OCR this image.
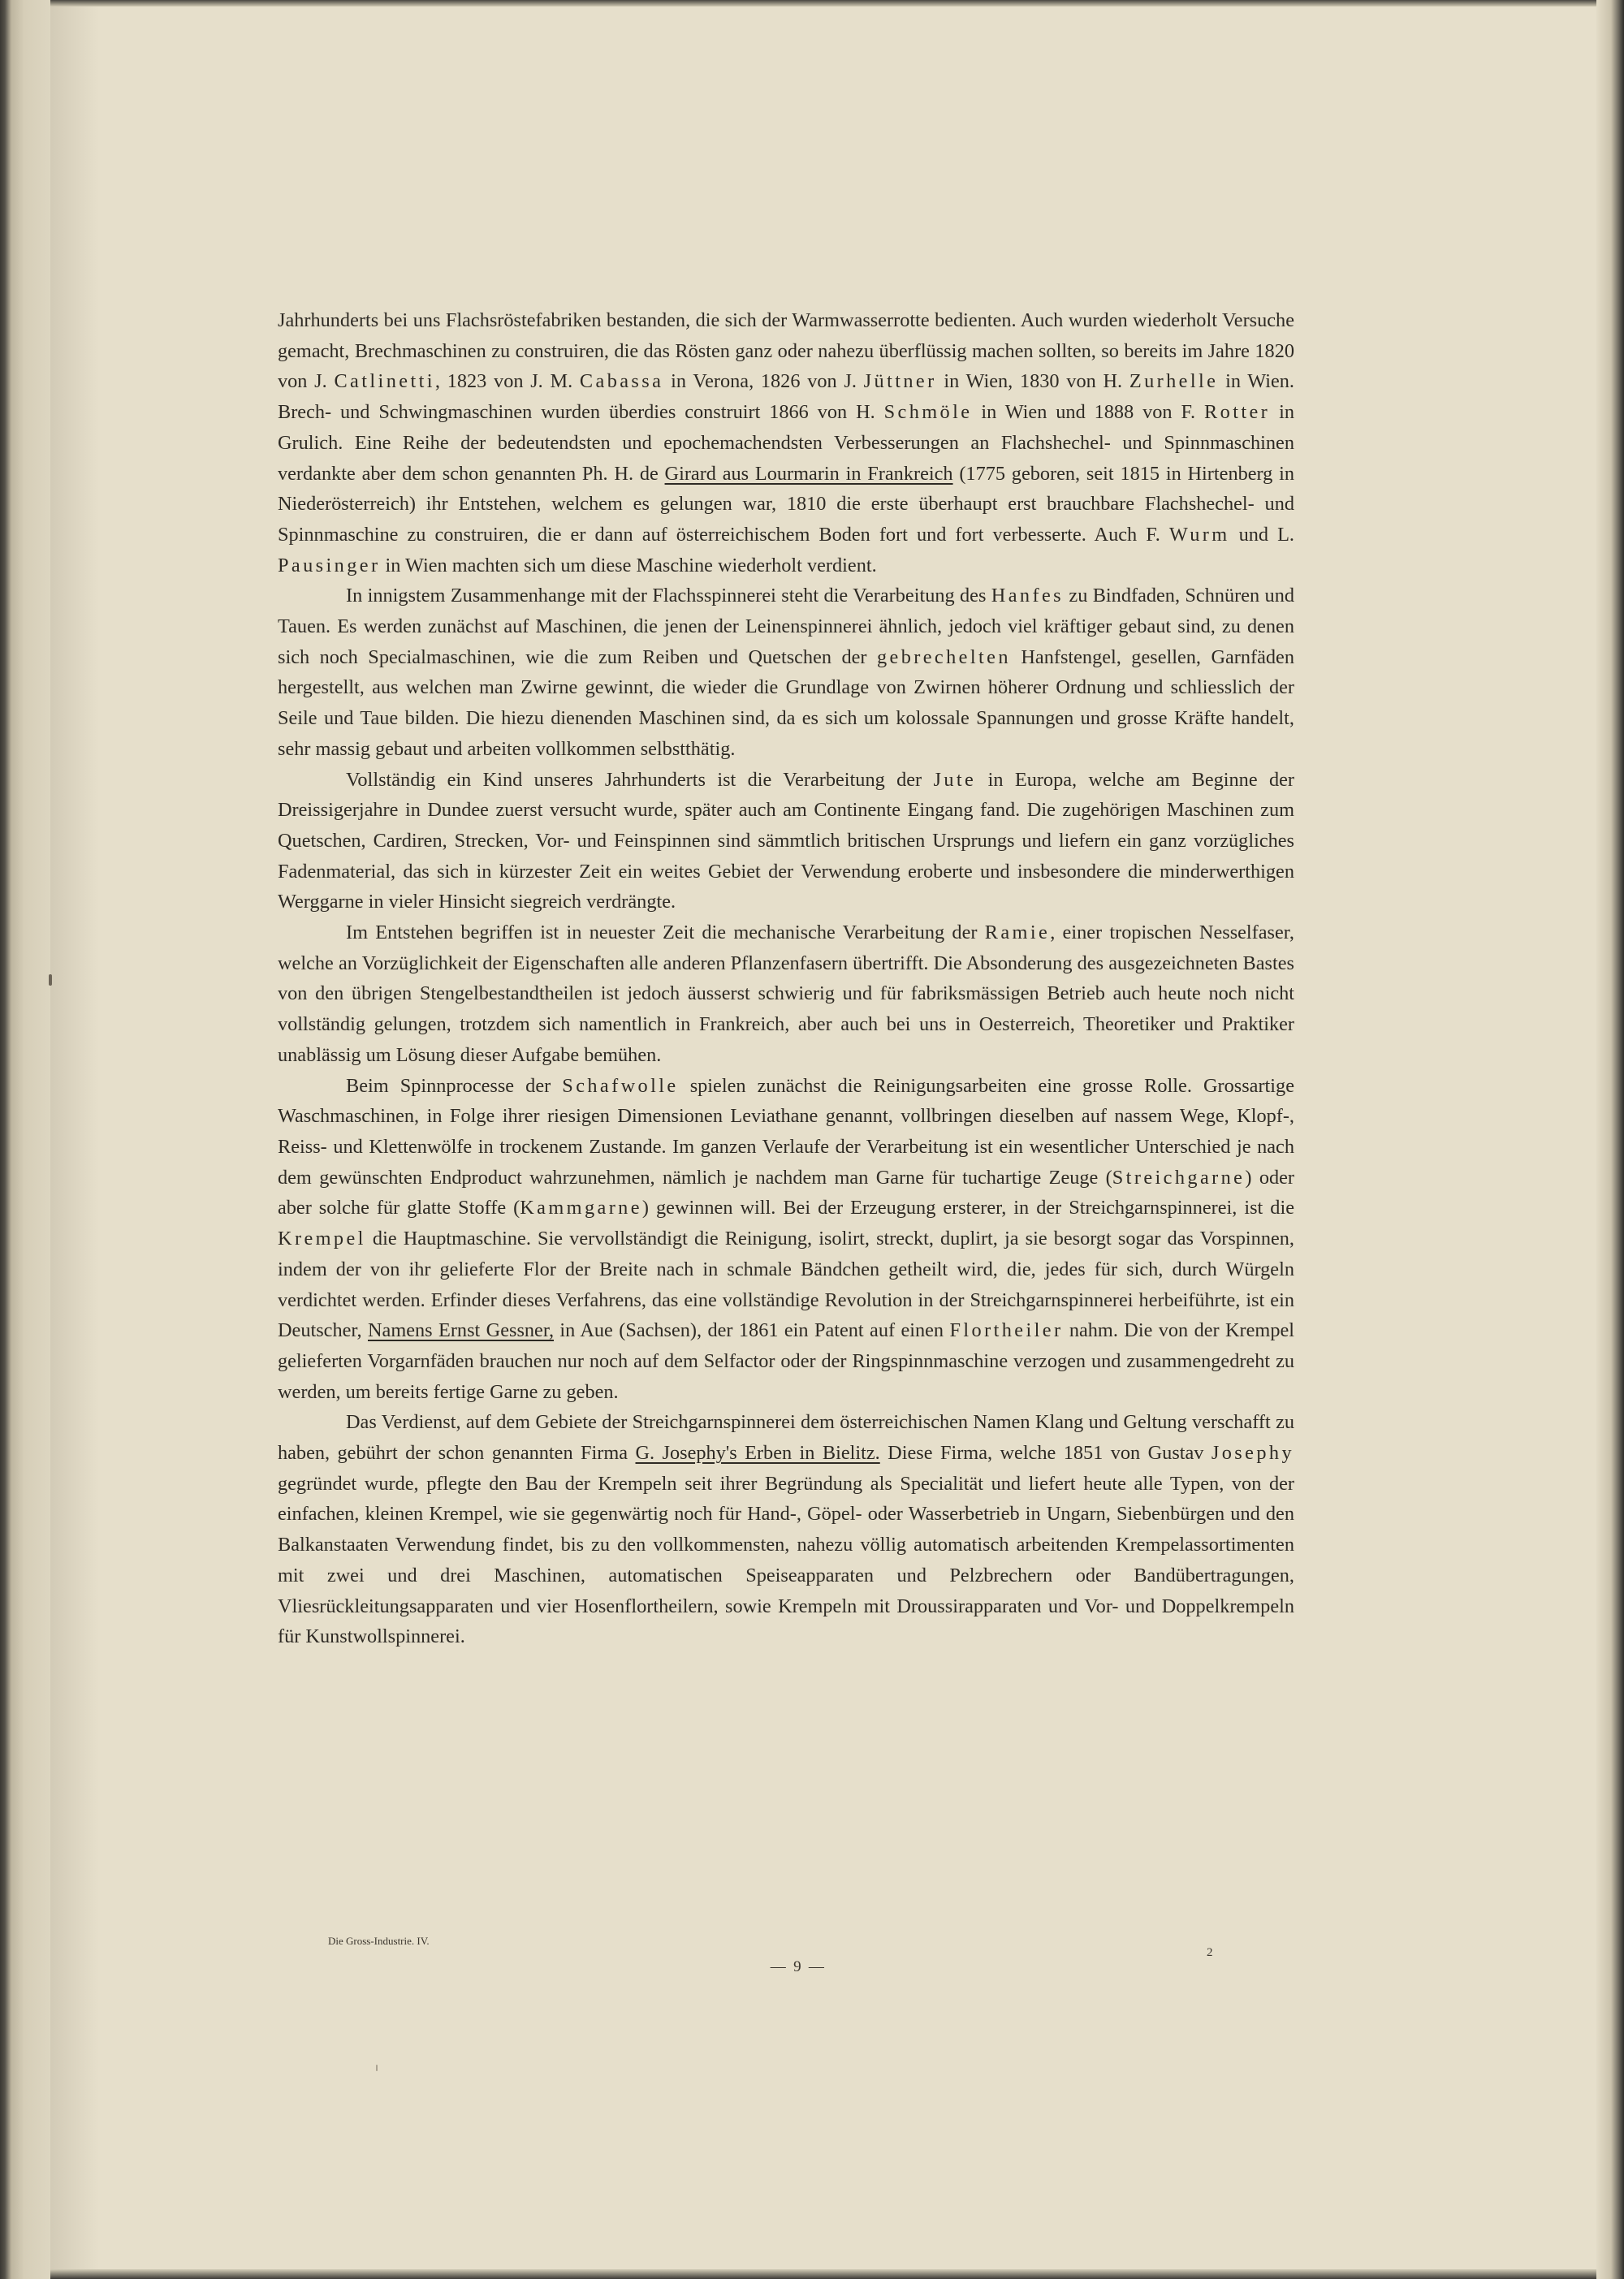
Jahrhunderts bei uns Flachsröstefabriken bestanden, die sich der Warmwasserrotte bedienten. Auch wurden wiederholt Versuche gemacht, Brechmaschinen zu construiren, die das Rösten ganz oder nahezu überflüssig machen sollten, so bereits im Jahre 1820 von J. Catlinetti, 1823 von J. M. Cabassa in Verona, 1826 von J. Jüttner in Wien, 1830 von H. Zurhelle in Wien. Brech- und Schwingmaschinen wurden überdies construirt 1866 von H. Schmöle in Wien und 1888 von F. Rotter in Grulich. Eine Reihe der bedeutendsten und epochemachendsten Verbesserungen an Flachshechel- und Spinnmaschinen verdankte aber dem schon genannten Ph. H. de Girard aus Lourmarin in Frankreich (1775 geboren, seit 1815 in Hirtenberg in Niederösterreich) ihr Entstehen, welchem es gelungen war, 1810 die erste überhaupt erst brauchbare Flachshechel- und Spinnmaschine zu construiren, die er dann auf österreichischem Boden fort und fort verbesserte. Auch F. Wurm und L. Pausinger in Wien machten sich um diese Maschine wiederholt verdient.

In innigstem Zusammenhange mit der Flachsspinnerei steht die Verarbeitung des Hanfes zu Bindfaden, Schnüren und Tauen. Es werden zunächst auf Maschinen, die jenen der Leinenspinnerei ähnlich, jedoch viel kräftiger gebaut sind, zu denen sich noch Specialmaschinen, wie die zum Reiben und Quetschen der gebrechelten Hanfstengel, gesellen, Garnfäden hergestellt, aus welchen man Zwirne gewinnt, die wieder die Grundlage von Zwirnen höherer Ordnung und schliesslich der Seile und Taue bilden. Die hiezu dienenden Maschinen sind, da es sich um kolossale Spannungen und grosse Kräfte handelt, sehr massig gebaut und arbeiten vollkommen selbstthätig.

Vollständig ein Kind unseres Jahrhunderts ist die Verarbeitung der Jute in Europa, welche am Beginne der Dreissigerjahre in Dundee zuerst versucht wurde, später auch am Continente Eingang fand. Die zugehörigen Maschinen zum Quetschen, Cardiren, Strecken, Vor- und Feinspinnen sind sämmtlich britischen Ursprungs und liefern ein ganz vorzügliches Fadenmaterial, das sich in kürzester Zeit ein weites Gebiet der Verwendung eroberte und insbesondere die minderwerthigen Werggarne in vieler Hinsicht siegreich verdrängte.

Im Entstehen begriffen ist in neuester Zeit die mechanische Verarbeitung der Ramie, einer tropischen Nesselfaser, welche an Vorzüglichkeit der Eigenschaften alle anderen Pflanzenfasern übertrifft. Die Absonderung des ausgezeichneten Bastes von den übrigen Stengelbestandtheilen ist jedoch äusserst schwierig und für fabriksmässigen Betrieb auch heute noch nicht vollständig gelungen, trotzdem sich namentlich in Frankreich, aber auch bei uns in Oesterreich, Theoretiker und Praktiker unablässig um Lösung dieser Aufgabe bemühen.

Beim Spinnprocesse der Schafwolle spielen zunächst die Reinigungsarbeiten eine grosse Rolle. Grossartige Waschmaschinen, in Folge ihrer riesigen Dimensionen Leviathane genannt, vollbringen dieselben auf nassem Wege, Klopf-, Reiss- und Klettenwölfe in trockenem Zustande. Im ganzen Verlaufe der Verarbeitung ist ein wesentlicher Unterschied je nach dem gewünschten Endproduct wahrzunehmen, nämlich je nachdem man Garne für tuchartige Zeuge (Streichgarne) oder aber solche für glatte Stoffe (Kammgarne) gewinnen will. Bei der Erzeugung ersterer, in der Streichgarnspinnerei, ist die Krempel die Hauptmaschine. Sie vervollständigt die Reinigung, isolirt, streckt, duplirt, ja sie besorgt sogar das Vorspinnen, indem der von ihr gelieferte Flor der Breite nach in schmale Bändchen getheilt wird, die, jedes für sich, durch Würgeln verdichtet werden. Erfinder dieses Verfahrens, das eine vollständige Revolution in der Streichgarnspinnerei herbeiführte, ist ein Deutscher, Namens Ernst Gessner, in Aue (Sachsen), der 1861 ein Patent auf einen Flortheiler nahm. Die von der Krempel gelieferten Vorgarnfäden brauchen nur noch auf dem Selfactor oder der Ringspinnmaschine verzogen und zusammengedreht zu werden, um bereits fertige Garne zu geben.

Das Verdienst, auf dem Gebiete der Streichgarnspinnerei dem österreichischen Namen Klang und Geltung verschafft zu haben, gebührt der schon genannten Firma G. Josephy's Erben in Bielitz. Diese Firma, welche 1851 von Gustav Josephy gegründet wurde, pflegte den Bau der Krempeln seit ihrer Begründung als Specialität und liefert heute alle Typen, von der einfachen, kleinen Krempel, wie sie gegenwärtig noch für Hand-, Göpel- oder Wasserbetrieb in Ungarn, Siebenbürgen und den Balkanstaaten Verwendung findet, bis zu den vollkommensten, nahezu völlig automatisch arbeitenden Krempelassortimenten mit zwei und drei Maschinen, automatischen Speiseapparaten und Pelzbrechern oder Bandübertragungen, Vliesrückleitungsapparaten und vier Hosenflortheilern, sowie Krempeln mit Droussirapparaten und Vor- und Doppelkrempeln für Kunstwollspinnerei.

Die Gross-Industrie. IV.
2
— 9 —
